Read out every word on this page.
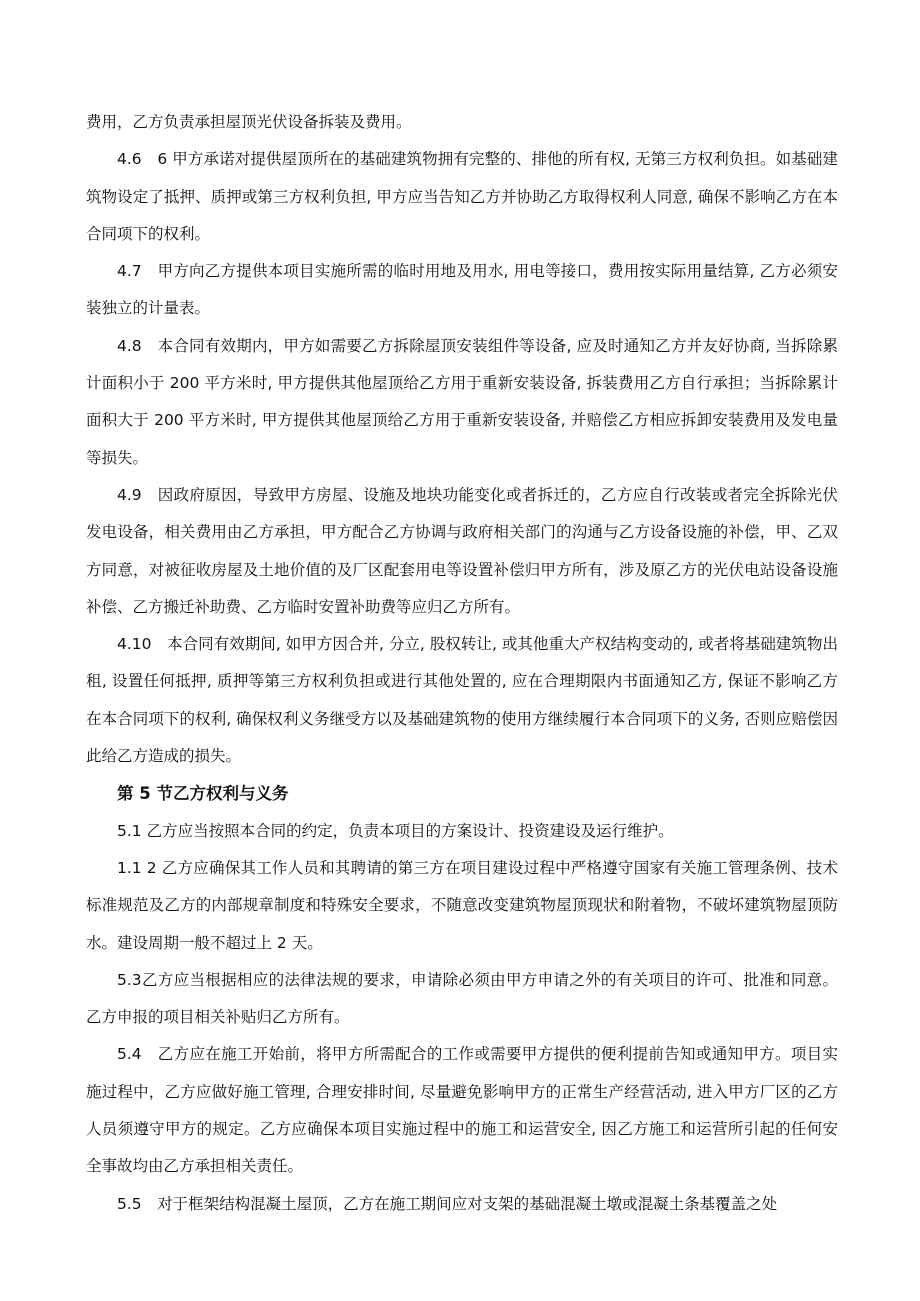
费用，乙方负责承担屋顶光伏设备拆装及费用。

4.6　6 甲方承诺对提供屋顶所在的基础建筑物拥有完整的、排他的所有权, 无第三方权利负担。如基础建筑物设定了抵押、质押或第三方权利负担, 甲方应当告知乙方并协助乙方取得权利人同意, 确保不影响乙方在本合同项下的权利。

4.7　甲方向乙方提供本项目实施所需的临时用地及用水, 用电等接口，费用按实际用量结算, 乙方必须安装独立的计量表。

4.8　本合同有效期内，甲方如需要乙方拆除屋顶安装组件等设备, 应及时通知乙方并友好协商, 当拆除累计面积小于 200 平方米时, 甲方提供其他屋顶给乙方用于重新安装设备, 拆装费用乙方自行承担；当拆除累计面积大于 200 平方米时, 甲方提供其他屋顶给乙方用于重新安装设备, 并赔偿乙方相应拆卸安装费用及发电量等损失。

4.9　因政府原因，导致甲方房屋、设施及地块功能变化或者拆迁的，乙方应自行改装或者完全拆除光伏发电设备，相关费用由乙方承担，甲方配合乙方协调与政府相关部门的沟通与乙方设备设施的补偿，甲、乙双方同意，对被征收房屋及土地价值的及厂区配套用电等设置补偿归甲方所有，涉及原乙方的光伏电站设备设施补偿、乙方搬迁补助费、乙方临时安置补助费等应归乙方所有。

4.10　本合同有效期间, 如甲方因合并, 分立, 股权转让, 或其他重大产权结构变动的, 或者将基础建筑物出租, 设置任何抵押, 质押等第三方权利负担或进行其他处置的, 应在合理期限内书面通知乙方, 保证不影响乙方在本合同项下的权利, 确保权利义务继受方以及基础建筑物的使用方继续履行本合同项下的义务, 否则应赔偿因此给乙方造成的损失。

第 5 节乙方权利与义务

5.1 乙方应当按照本合同的约定，负责本项目的方案设计、投资建设及运行维护。

1.1 2 乙方应确保其工作人员和其聘请的第三方在项目建设过程中严格遵守国家有关施工管理条例、技术标准规范及乙方的内部规章制度和特殊安全要求，不随意改变建筑物屋顶现状和附着物，不破坏建筑物屋顶防水。建设周期一般不超过上 2 天。

5.3乙方应当根据相应的法律法规的要求，申请除必须由甲方申请之外的有关项目的许可、批准和同意。乙方申报的项目相关补贴归乙方所有。

5.4　乙方应在施工开始前，将甲方所需配合的工作或需要甲方提供的便利提前告知或通知甲方。项目实施过程中，乙方应做好施工管理, 合理安排时间, 尽量避免影响甲方的正常生产经营活动, 进入甲方厂区的乙方人员须遵守甲方的规定。乙方应确保本项目实施过程中的施工和运营安全, 因乙方施工和运营所引起的任何安全事故均由乙方承担相关责任。

5.5　对于框架结构混凝土屋顶，乙方在施工期间应对支架的基础混凝土墩或混凝土条基覆盖之处
